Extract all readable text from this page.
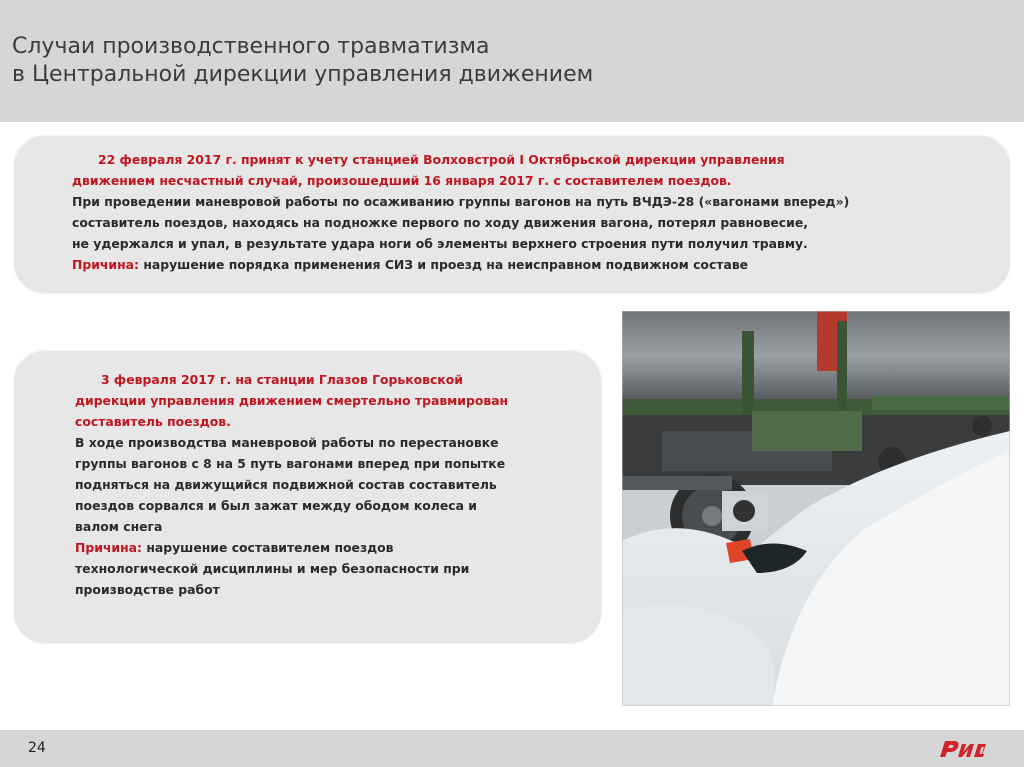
Случаи производственного травматизма
в Центральной дирекции управления движением
22 февраля 2017 г. принят к учету станцией Волховстрой I Октябрьской дирекции управления
движением несчастный случай, произошедший 16 января 2017 г. с составителем поездов.
При проведении маневровой работы по осаживанию группы вагонов на путь ВЧДЭ-28 («вагонами вперед»)
составитель поездов, находясь на подножке первого по ходу движения вагона, потерял равновесие,
не удержался и упал, в результате удара ноги об элементы верхнего строения пути получил травму.
Причина: нарушение порядка применения СИЗ и проезд на неисправном подвижном составе
3 февраля 2017 г. на станции Глазов Горьковской
дирекции управления движением смертельно травмирован
составитель поездов.
В ходе производства маневровой работы по перестановке
группы вагонов с 8 на 5 путь вагонами вперед при попытке
подняться на движущийся подвижной состав составитель
поездов сорвался и был зажат между ободом колеса и
валом снега
Причина: нарушение составителем поездов
технологической дисциплины и мер безопасности при
производстве работ
24
